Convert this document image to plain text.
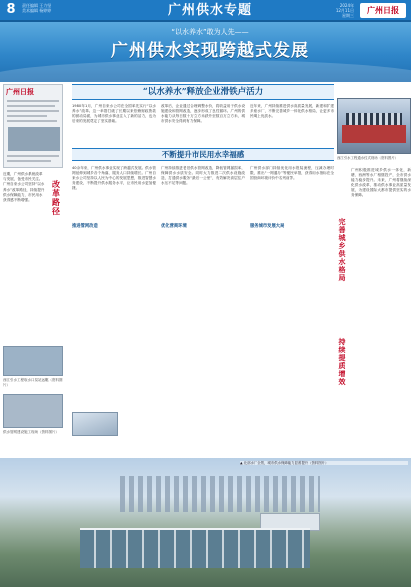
8	责任编辑 王力坚
美术编辑 杨婷婷	广州供水专题	2024年
12月11日
星期三
广州日报
“以水养水”敢为人先——
广州供水实现跨越式发展
广州日报
近期，广州供水系统改革与发展，备受市民关注。广州自来水公司坚持“以水养水”改革路径，持续提升供水保障能力，市民用水获得感不断增强。
改革路径
西江引水工程取水口泵站远眺（资料图片）
供水管网建设施工现场（资料图片）
“以水养水”释放企业滑铁卢活力
1980年1月，广州自来水公司在全国率先实行“以水养水”改革。这一举措打破了长期以来依赖财政拨款的被动局面，为城市供水事业注入了新的活力，也为后来的发展奠定了坚实基础。
改革后，企业通过合理调整水价，将收益用于供水设施建设和管网改造，逐步形成了良性循环。广州的供水能力从每日数十万立方米跃升至数百万立方米，城市供水安全得到有力保障。
近年来，广州持续推进供水高质量发展，新建和扩建多座水厂，不断完善城乡一体化供水格局，让更多市民喝上优质水。
不断提升市民用水幸福感
40余年来，广州供水事业实现了跨越式发展。供水管网延伸到城乡各个角落，服务人口持续增长。广州自来水公司坚持以人民为中心的发展思想，推进智慧水务建设，不断提升供水服务水平，让市民用水更加便捷。
推进管网改造
广州持续推进老旧供水管网改造，降低管网漏损率，保障供水水质安全。同时大力推进二次供水设施改造，打通供水服务“最后一公里”，有效解决高层住户水压不足等问题。
优化营商环境
广州供水部门持续优化用水报装流程，压减办理时限，推出“一网通办”等便民举措，获得用水指标在全国营商环境评价中名列前茅。
服务城市发展大局
西江引水工程通水仪式现场（资料图片）
完善城乡供水格局
持续提质增效
广州积极推进城乡供水一体化，新塘、西洲等水厂相继投产，全市供水能力稳步提升。未来，广州将继续深化供水改革，推动供水事业高质量发展，为建设国际大都市提供坚实的水务保障。
▲ 北部水厂全景，城市供水保障能力显著提升（资料图片）
